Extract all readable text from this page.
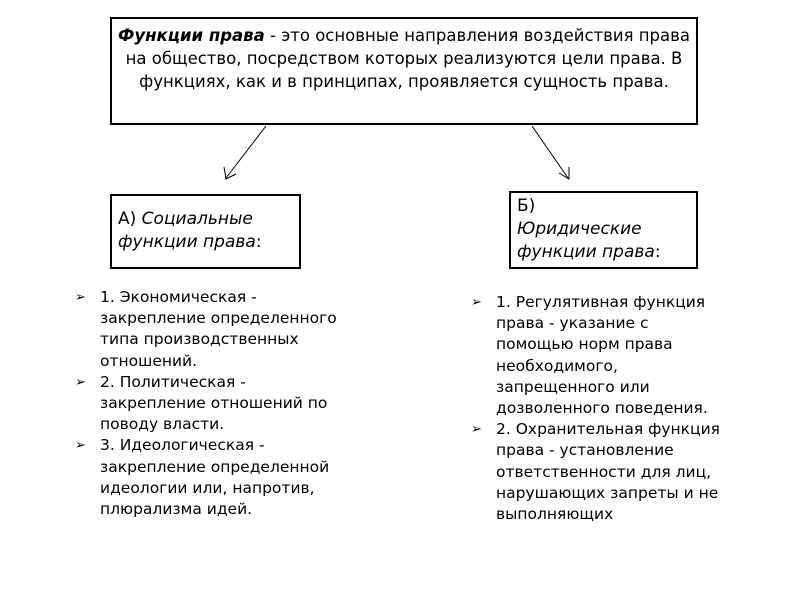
Функции права - это основные направления воздействия права на общество, посредством которых реализуются цели права. В функциях, как и в принципах, проявляется сущность права.
А) Социальные функции права:
Б)
Юридические функции права:
➢ 1. Экономическая - закрепление определенного типа производственных отношений.
➢ 2. Политическая - закрепление отношений по поводу власти.
➢ 3. Идеологическая - закрепление определенной идеологии или, напротив, плюрализма идей.
➢ 1. Регулятивная функция права - указание с помощью норм права необходимого, запрещенного или дозволенного поведения.
➢ 2. Охранительная функция права - установление ответственности для лиц, нарушающих запреты и не выполняющих
